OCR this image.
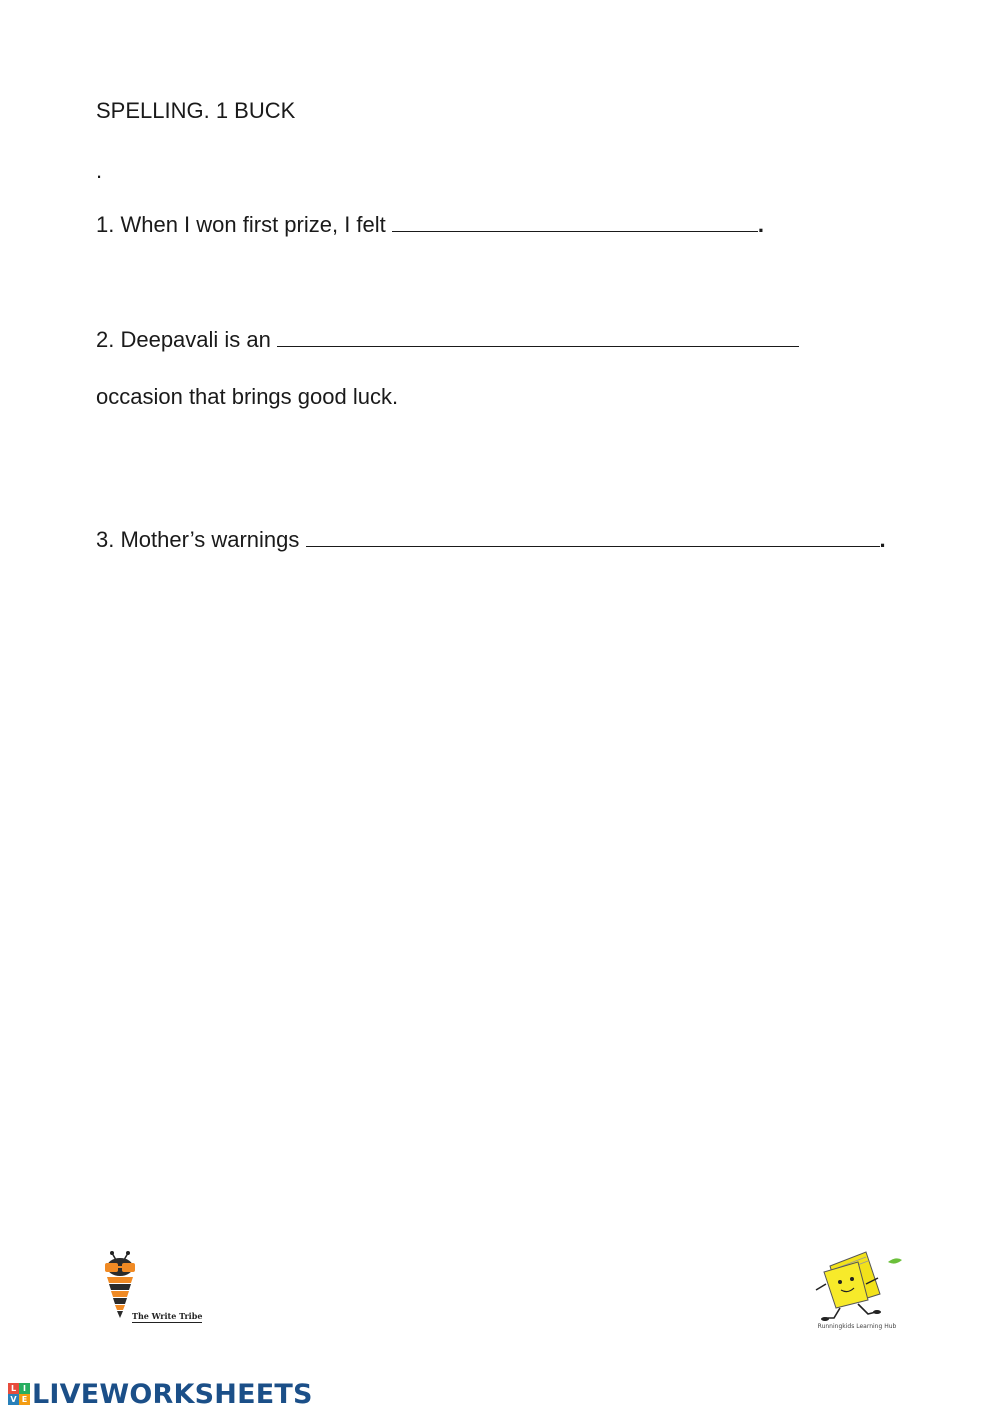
SPELLING. 1 BUCK
.
1. When I won first prize, I felt	.
2. Deepavali is an
occasion that brings good luck.
3. Mother’s warnings	.
The Write Tribe
Runningkids Learning Hub
L I
V E LIVEWORKSHEETS
